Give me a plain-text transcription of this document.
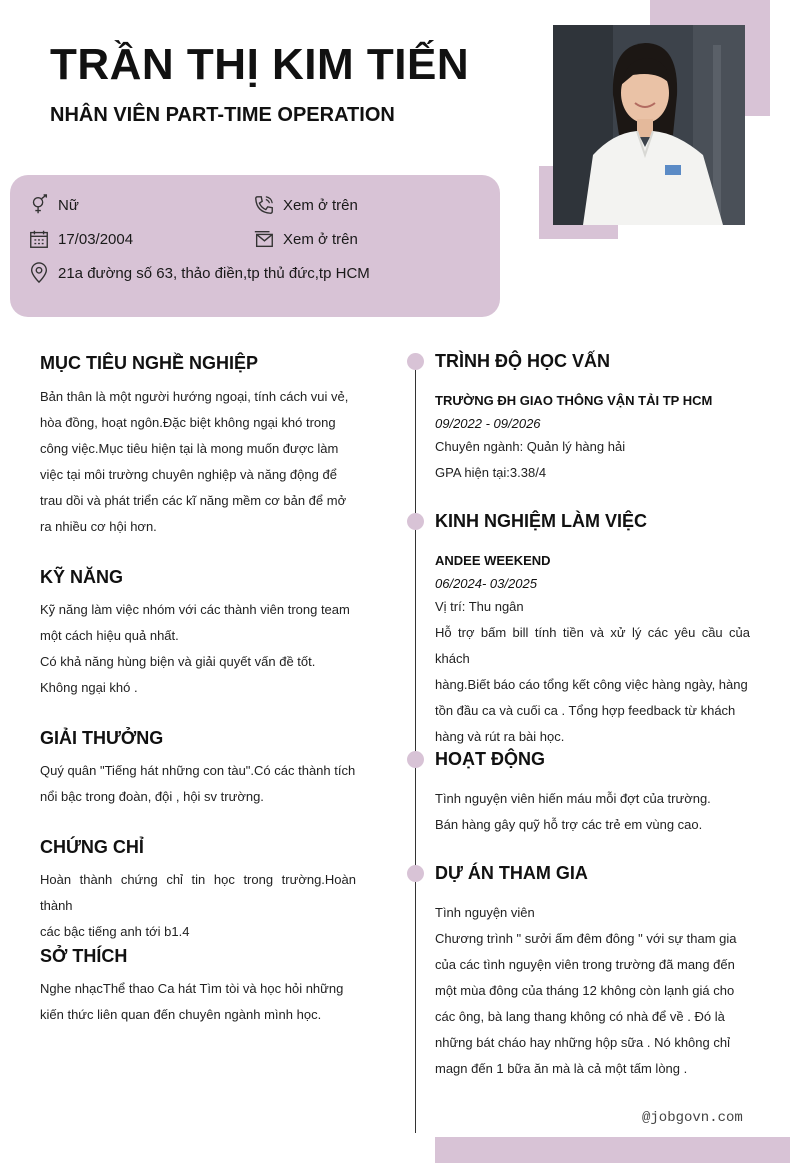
TRẦN THỊ KIM TIẾN
NHÂN VIÊN PART-TIME OPERATION
Nữ
17/03/2004
21a đường số 63, thảo điền,tp thủ đức,tp HCM
Xem ở trên
Xem ở trên
MỤC TIÊU NGHỀ NGHIỆP
Bản thân là một người hướng ngoại, tính cách vui vẻ,
hòa đồng, hoạt ngôn.Đặc biệt không ngại khó trong
công việc.Mục tiêu hiện tại là mong muốn được làm
việc tại môi trường chuyên nghiệp và năng động để
trau dồi và phát triển các kĩ năng mềm cơ bản để mở
ra nhiều cơ hội hơn.
KỸ NĂNG
Kỹ năng làm việc nhóm với các thành viên trong team
một cách hiệu quả nhất.
Có khả năng hùng biện và giải quyết vấn đề tốt.
Không ngại khó .
GIẢI THƯỞNG
Quý quân "Tiếng hát những con tàu".Có các thành tích
nổi bậc trong đoàn, đội , hội sv trường.
CHỨNG CHỈ
Hoàn thành chứng chỉ tin học trong trường.Hoàn thành
các bậc tiếng anh tới b1.4
SỞ THÍCH
Nghe nhạcThể thao Ca hát Tìm tòi và học hỏi những
kiến thức liên quan đến chuyên ngành mình học.
TRÌNH ĐỘ HỌC VẤN
TRƯỜNG ĐH GIAO THÔNG VẬN TẢI TP HCM
09/2022 - 09/2026
Chuyên ngành: Quản lý hàng hải
GPA hiện tại:3.38/4
KINH NGHIỆM LÀM VIỆC
ANDEE WEEKEND
06/2024- 03/2025
Vị trí: Thu ngân
Hỗ trợ bấm bill tính tiền và xử lý các yêu cầu của khách
hàng.Biết báo cáo tổng kết công việc hàng ngày, hàng
tồn đầu ca và cuối ca . Tổng hợp feedback từ khách
hàng và rút ra bài học.
HOẠT ĐỘNG
Tình nguyện viên hiến máu mỗi đợt của trường.
Bán hàng gây quỹ hỗ trợ các trẻ em vùng cao.
DỰ ÁN THAM GIA
Tình nguyện viên
Chương trình " sưởi ấm đêm đông " với sự tham gia
của các tình nguyện viên trong trường đã mang đến
một mùa đông của tháng 12 không còn lạnh giá cho
các ông, bà lang thang không có nhà để về . Đó là
những bát cháo hay những hộp sữa . Nó không chỉ
magn đến 1 bữa ăn mà là cả một tấm lòng .
@jobgovn.com
